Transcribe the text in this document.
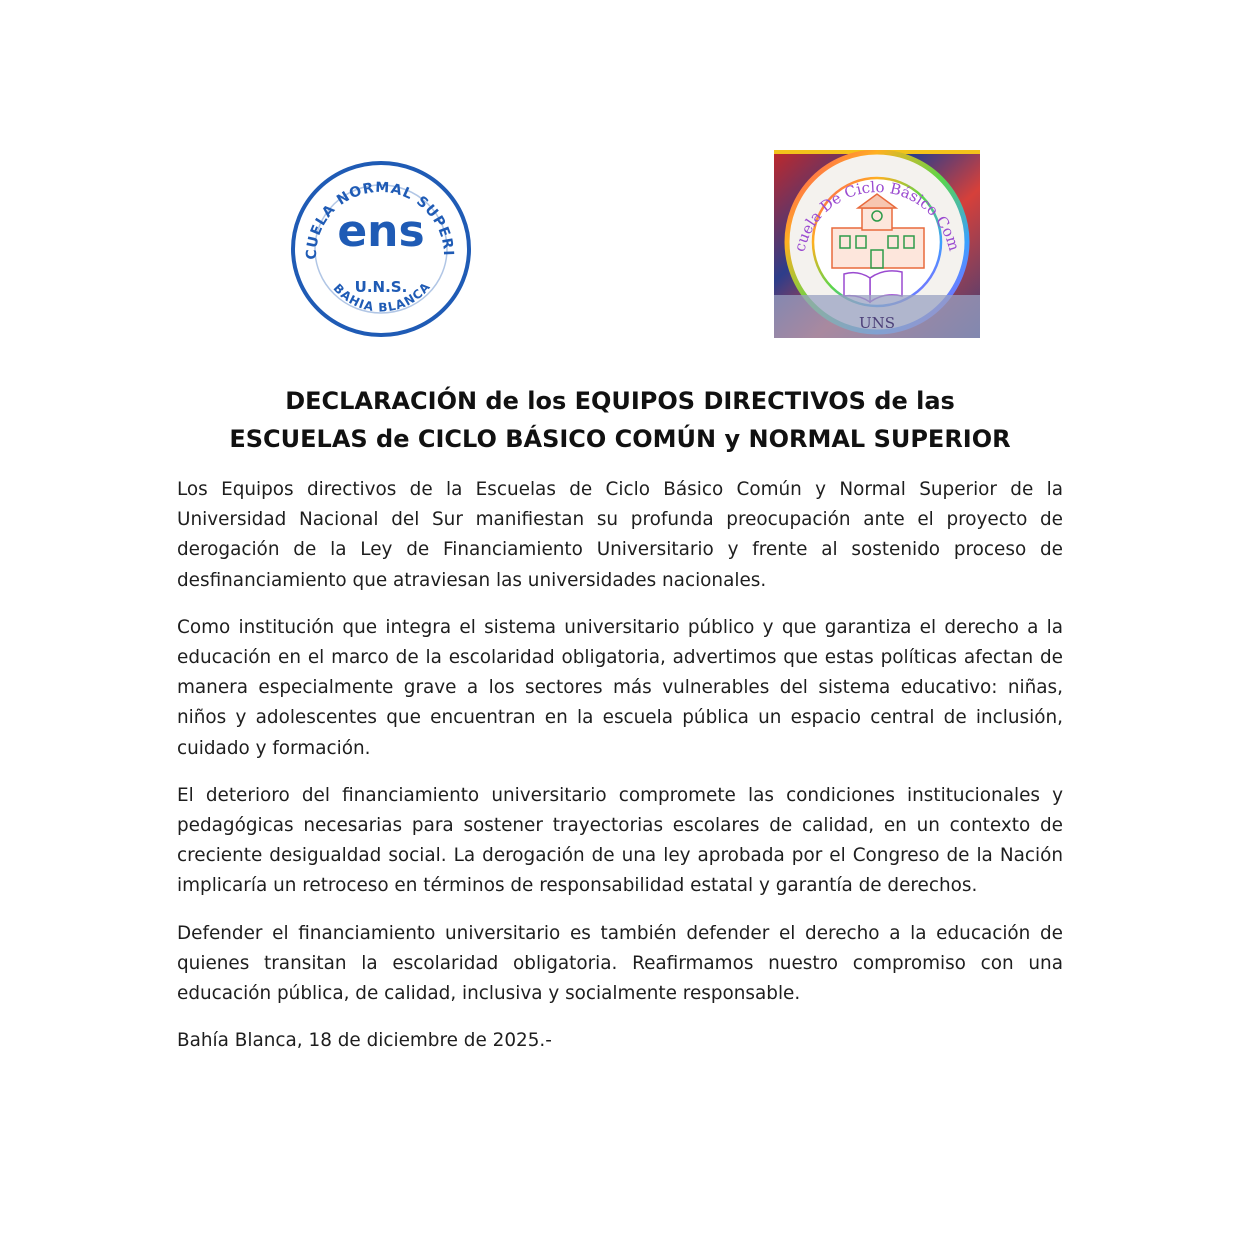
CUELA NORMAL SUPERI
ens
U.N.S.
BAHIA BLANCA
cuela De Ciclo Básico Com
UNS
DECLARACIÓN de los EQUIPOS DIRECTIVOS de las
ESCUELAS de CICLO BÁSICO COMÚN y NORMAL SUPERIOR

Los Equipos directivos de la Escuelas de Ciclo Básico Común y Normal Superior de la Universidad Nacional del Sur manifiestan su profunda preocupación ante el proyecto de derogación de la Ley de Financiamiento Universitario y frente al sostenido proceso de desfinanciamiento que atraviesan las universidades nacionales.

Como institución que integra el sistema universitario público y que garantiza el derecho a la educación en el marco de la escolaridad obligatoria, advertimos que estas políticas afectan de manera especialmente grave a los sectores más vulnerables del sistema educativo: niñas, niños y adolescentes que encuentran en la escuela pública un espacio central de inclusión, cuidado y formación.

El deterioro del financiamiento universitario compromete las condiciones institucionales y pedagógicas necesarias para sostener trayectorias escolares de calidad, en un contexto de creciente desigualdad social. La derogación de una ley aprobada por el Congreso de la Nación implicaría un retroceso en términos de responsabilidad estatal y garantía de derechos.

Defender el financiamiento universitario es también defender el derecho a la educación de quienes transitan la escolaridad obligatoria. Reafirmamos nuestro compromiso con una educación pública, de calidad, inclusiva y socialmente responsable.

Bahía Blanca, 18 de diciembre de 2025.-
